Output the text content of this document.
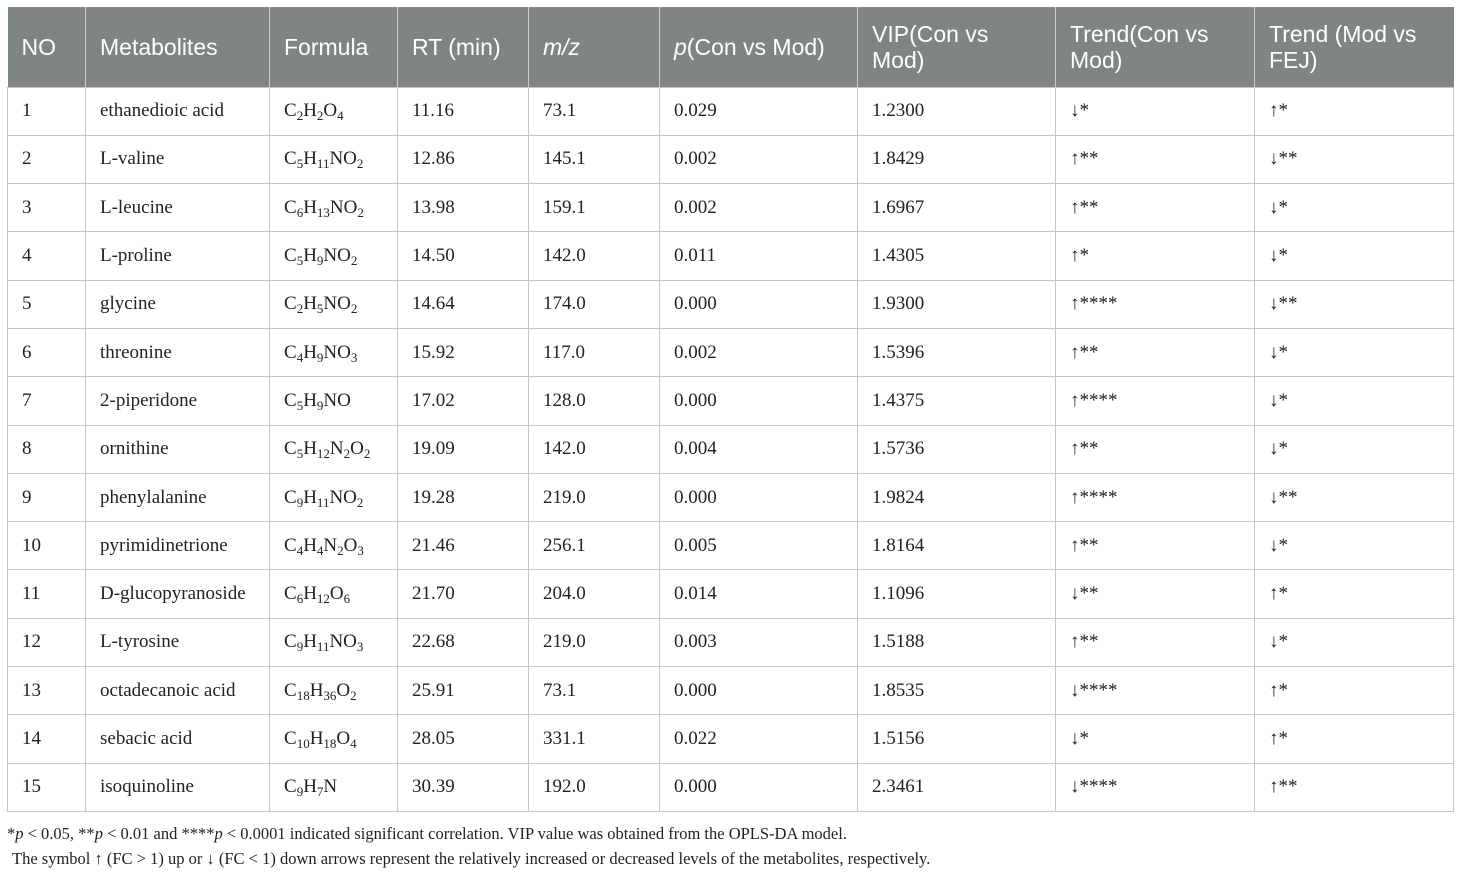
NO	Metabolites	Formula	RT (min)	m/z	p(Con vs Mod)	VIP(Con vs Mod)	Trend(Con vs Mod)	Trend (Mod vs FEJ)
1	ethanedioic acid	$C_2H_2O_4$	11.16	73.1	0.029	1.2300	↓*	↑*
2	L-valine	$C_5H_{11}NO_2$	12.86	145.1	0.002	1.8429	↑**	↓**
3	L-leucine	$C_6H_{13}NO_2$	13.98	159.1	0.002	1.6967	↑**	↓*
4	L-proline	$C_5H_9NO_2$	14.50	142.0	0.011	1.4305	↑*	↓*
5	glycine	$C_2H_5NO_2$	14.64	174.0	0.000	1.9300	↑****	↓**
6	threonine	$C_4H_9NO_3$	15.92	117.0	0.002	1.5396	↑**	↓*
7	2-piperidone	$C_5H_9NO$	17.02	128.0	0.000	1.4375	↑****	↓*
8	ornithine	$C_5H_{12}N_2O_2$	19.09	142.0	0.004	1.5736	↑**	↓*
9	phenylalanine	$C_9H_{11}NO_2$	19.28	219.0	0.000	1.9824	↑****	↓**
10	pyrimidinetrione	$C_4H_4N_2O_3$	21.46	256.1	0.005	1.8164	↑**	↓*
11	D-glucopyranoside	$C_6H_{12}O_6$	21.70	204.0	0.014	1.1096	↓**	↑*
12	L-tyrosine	$C_9H_{11}NO_3$	22.68	219.0	0.003	1.5188	↑**	↓*
13	octadecanoic acid	$C_{18}H_{36}O_2$	25.91	73.1	0.000	1.8535	↓****	↑*
14	sebacic acid	$C_{10}H_{18}O_4$	28.05	331.1	0.022	1.5156	↓*	↑*
15	isoquinoline	$C_9H_7N$	30.39	192.0	0.000	2.3461	↓****	↑**
*p < 0.05, **p < 0.01 and ****p < 0.0001 indicated significant correlation. VIP value was obtained from the OPLS-DA model.
The symbol ↑ (FC > 1) up or ↓ (FC < 1) down arrows represent the relatively increased or decreased levels of the metabolites, respectively.
